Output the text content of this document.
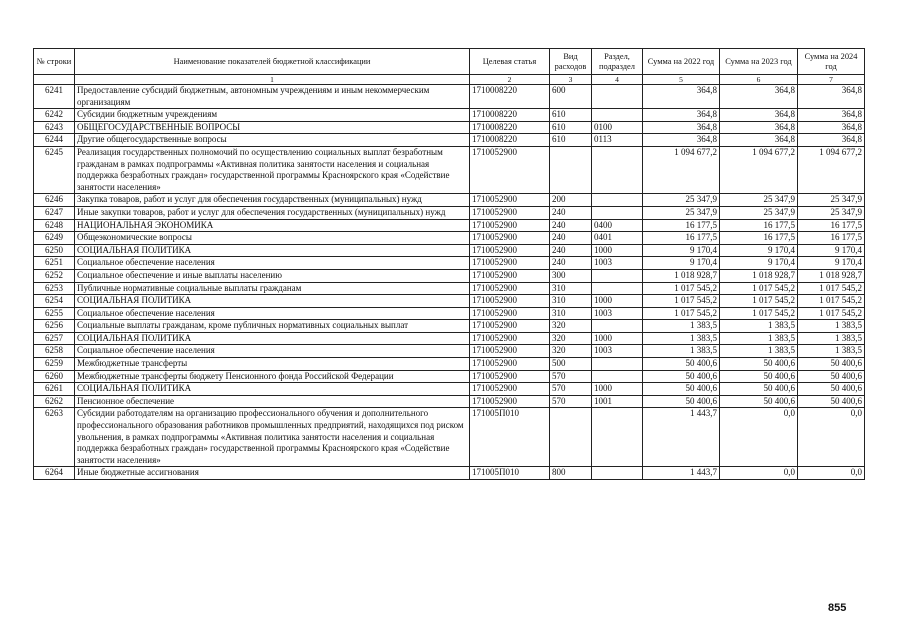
№ строки	Наименование показателей бюджетной классификации	Целевая статья	Вид расходов	Раздел, подраздел	Сумма на 2022 год	Сумма на 2023 год	Сумма на 2024 год
	1	2	3	4	5	6	7
6241	Предоставление субсидий бюджетным, автономным учреждениям и иным некоммерческим организациям	1710008220	600		364,8	364,8	364,8
6242	Субсидии бюджетным учреждениям	1710008220	610		364,8	364,8	364,8
6243	ОБЩЕГОСУДАРСТВЕННЫЕ ВОПРОСЫ	1710008220	610	0100	364,8	364,8	364,8
6244	Другие общегосударственные вопросы	1710008220	610	0113	364,8	364,8	364,8
6245	Реализация государственных полномочий по осуществлению социальных выплат безработным гражданам в рамках подпрограммы «Активная политика занятости населения и социальная поддержка безработных граждан» государственной программы Красноярского края «Содействие занятости населения»	1710052900			1 094 677,2	1 094 677,2	1 094 677,2
6246	Закупка товаров, работ и услуг для обеспечения государственных (муниципальных) нужд	1710052900	200		25 347,9	25 347,9	25 347,9
6247	Иные закупки товаров, работ и услуг для обеспечения государственных (муниципальных) нужд	1710052900	240		25 347,9	25 347,9	25 347,9
6248	НАЦИОНАЛЬНАЯ ЭКОНОМИКА	1710052900	240	0400	16 177,5	16 177,5	16 177,5
6249	Общеэкономические вопросы	1710052900	240	0401	16 177,5	16 177,5	16 177,5
6250	СОЦИАЛЬНАЯ ПОЛИТИКА	1710052900	240	1000	9 170,4	9 170,4	9 170,4
6251	Социальное обеспечение населения	1710052900	240	1003	9 170,4	9 170,4	9 170,4
6252	Социальное обеспечение и иные выплаты населению	1710052900	300		1 018 928,7	1 018 928,7	1 018 928,7
6253	Публичные нормативные социальные выплаты гражданам	1710052900	310		1 017 545,2	1 017 545,2	1 017 545,2
6254	СОЦИАЛЬНАЯ ПОЛИТИКА	1710052900	310	1000	1 017 545,2	1 017 545,2	1 017 545,2
6255	Социальное обеспечение населения	1710052900	310	1003	1 017 545,2	1 017 545,2	1 017 545,2
6256	Социальные выплаты гражданам, кроме публичных нормативных социальных выплат	1710052900	320		1 383,5	1 383,5	1 383,5
6257	СОЦИАЛЬНАЯ ПОЛИТИКА	1710052900	320	1000	1 383,5	1 383,5	1 383,5
6258	Социальное обеспечение населения	1710052900	320	1003	1 383,5	1 383,5	1 383,5
6259	Межбюджетные трансферты	1710052900	500		50 400,6	50 400,6	50 400,6
6260	Межбюджетные трансферты бюджету Пенсионного фонда Российской Федерации	1710052900	570		50 400,6	50 400,6	50 400,6
6261	СОЦИАЛЬНАЯ ПОЛИТИКА	1710052900	570	1000	50 400,6	50 400,6	50 400,6
6262	Пенсионное обеспечение	1710052900	570	1001	50 400,6	50 400,6	50 400,6
6263	Субсидии работодателям на организацию профессионального обучения и дополнительного профессионального образования работников промышленных предприятий, находящихся под риском увольнения, в рамках подпрограммы «Активная политика занятости населения и социальная поддержка безработных граждан» государственной программы Красноярского края «Содействие занятости населения»	171005П010			1 443,7	0,0	0,0
6264	Иные бюджетные ассигнования	171005П010	800		1 443,7	0,0	0,0
855
